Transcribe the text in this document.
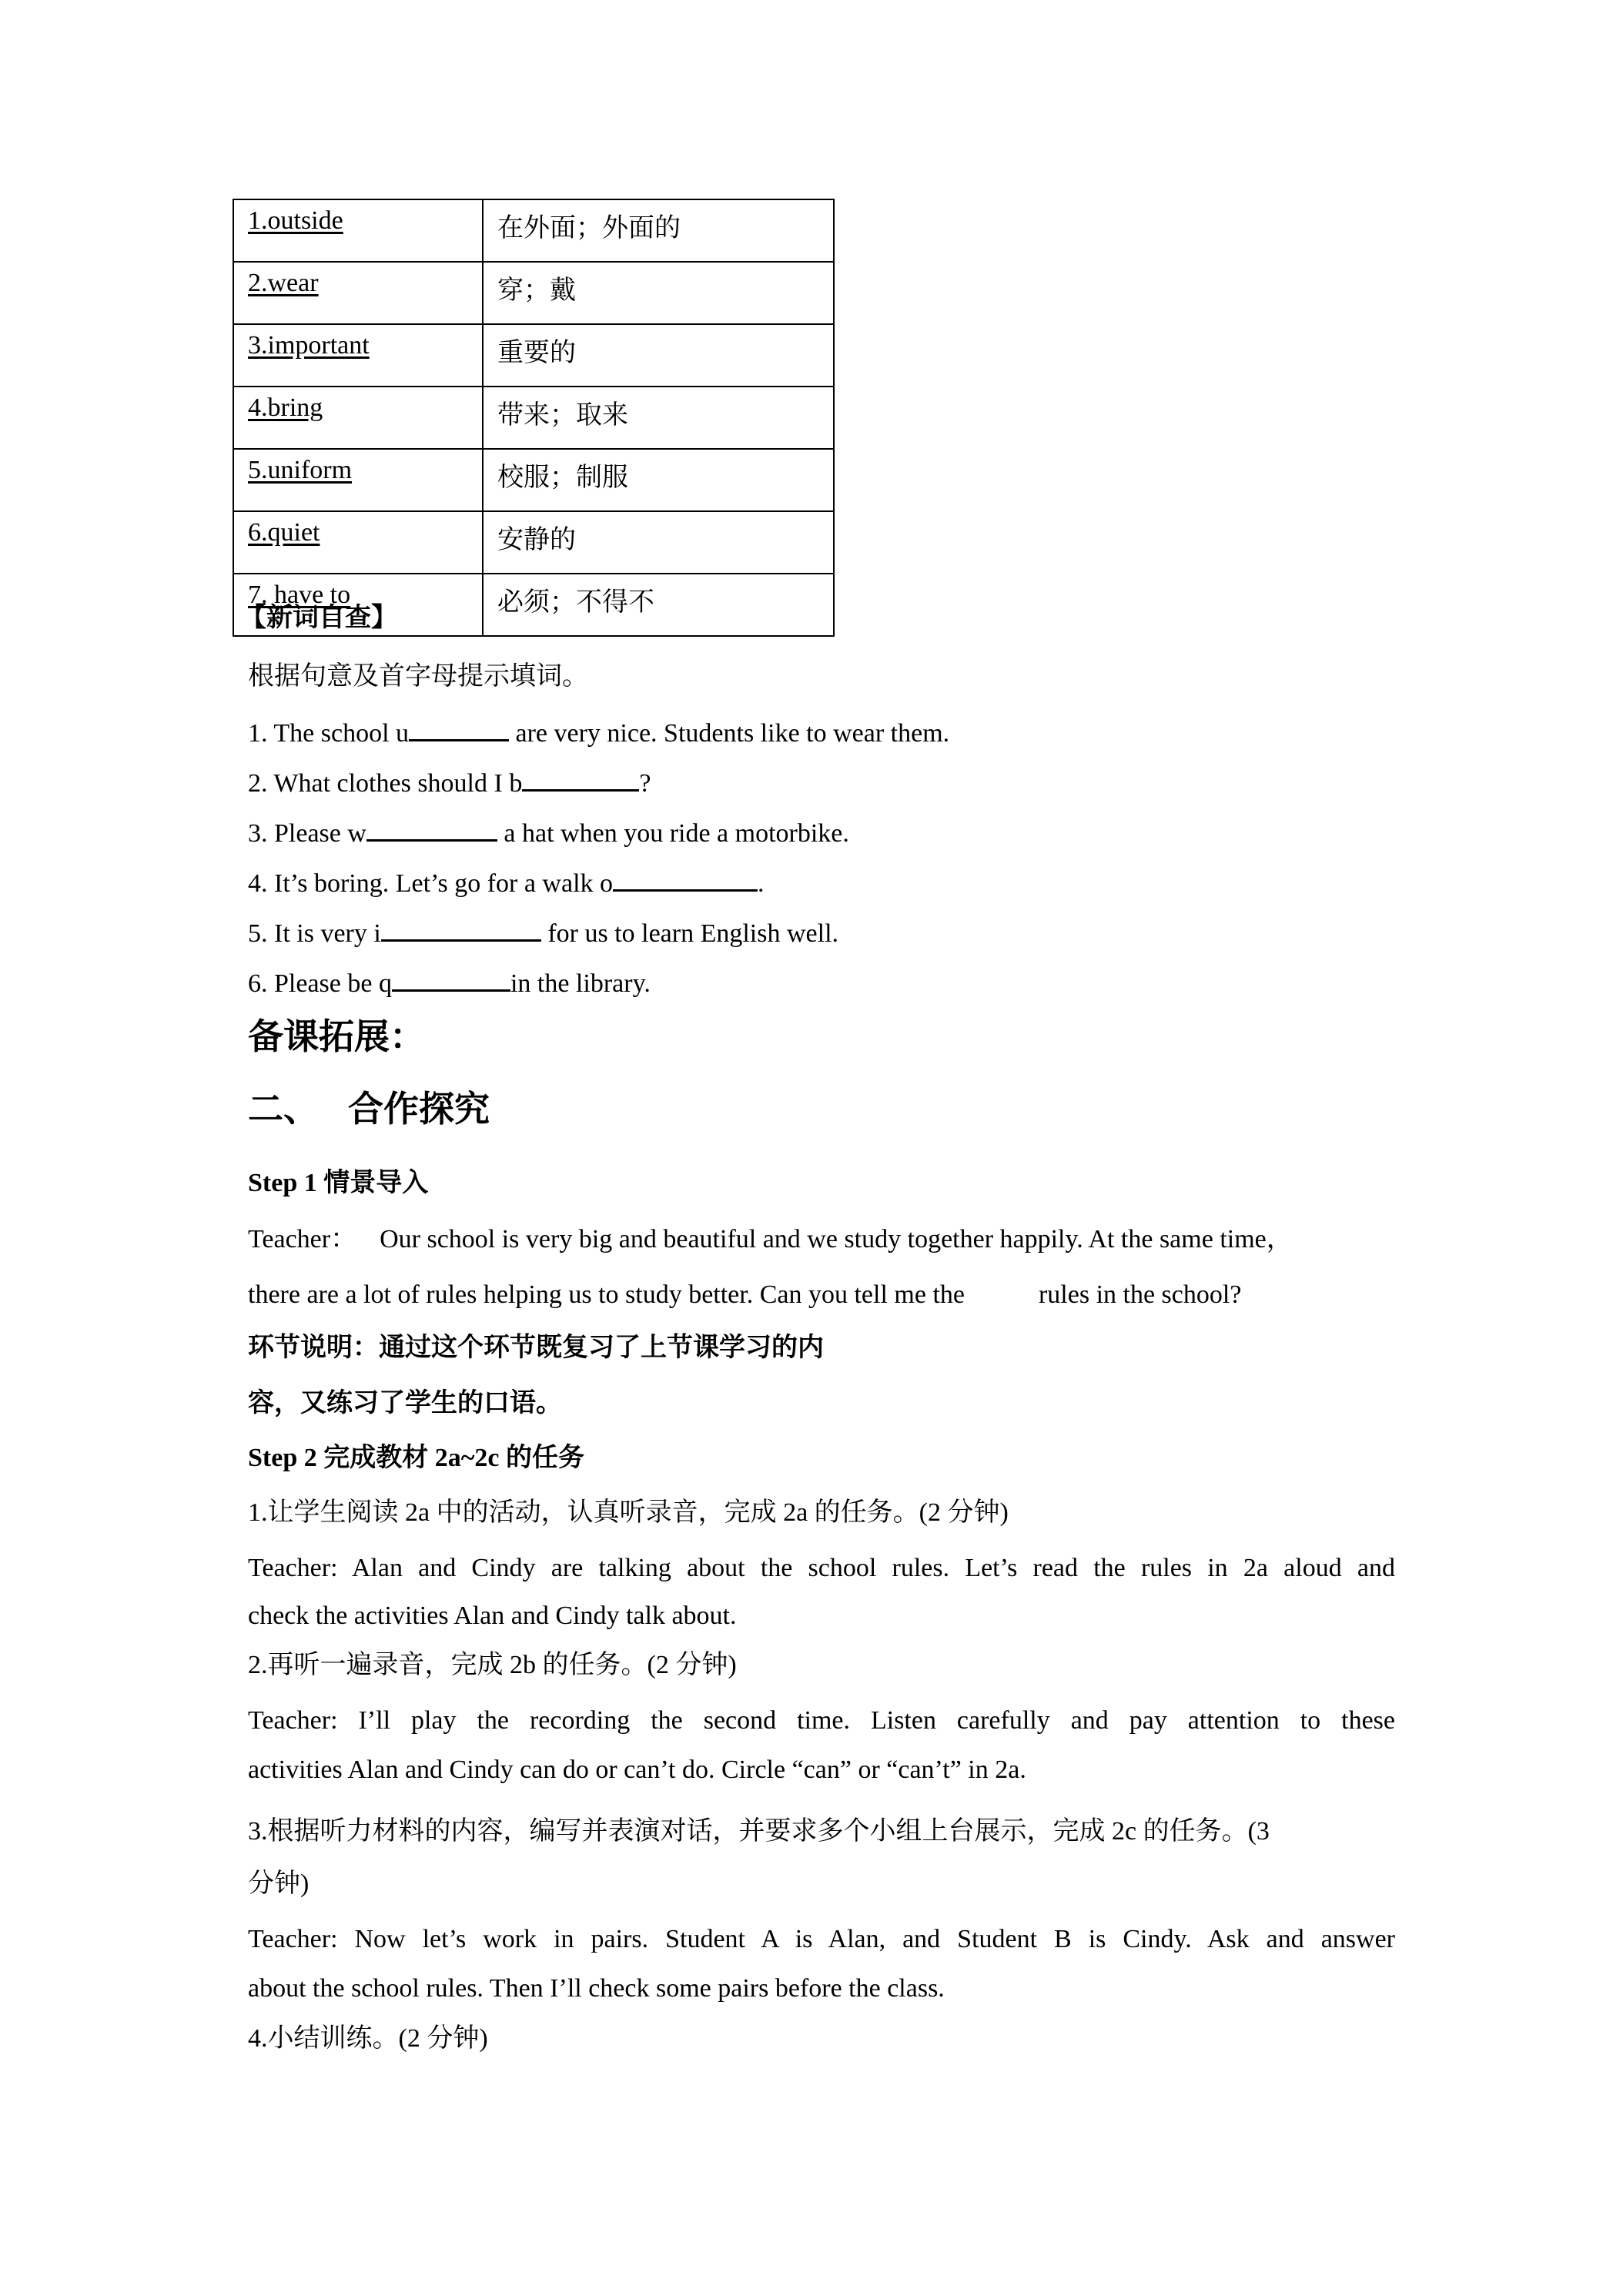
1.outside	在外面；外面的
2.wear	穿；戴
3.important	重要的
4.bring	带来；取来
5.uniform	校服；制服
6.quiet	安静的
7. have to	必须；不得不
【新词自查】
根据句意及首字母提示填词。
1. The school u	are very nice. Students like to wear them.
2. What clothes should I b	?
3. Please w	a hat when you ride a motorbike.
4. It’s boring. Let’s go for a walk o	.
5. It is very i	for us to learn English well.
6. Please be q	in the library.
备课拓展：
二、 合作探究
Step 1 情景导入
Teacher： Our school is very big and beautiful and we study together happily. At the same time，
there are a lot of rules helping us to study better. Can you tell me the	rules in the school?
环节说明：通过这个环节既复习了上节课学习的内
容，又练习了学生的口语。
Step 2 完成教材 2a~2c 的任务
1.让学生阅读 2a 中的活动，认真听录音，完成 2a 的任务。(2 分钟)
Teacher: Alan and Cindy are talking about the school rules. Let’s read the rules in 2a aloud and
check the activities Alan and Cindy talk about.
2.再听一遍录音，完成 2b 的任务。(2 分钟)
Teacher: I’ll play the recording the second time. Listen carefully and pay attention to these
activities Alan and Cindy can do or can’t do. Circle “can” or “can’t” in 2a.
3.根据听力材料的内容，编写并表演对话，并要求多个小组上台展示，完成 2c 的任务。(3
分钟)
Teacher: Now let’s work in pairs. Student A is Alan, and Student B is Cindy. Ask and answer
about the school rules. Then I’ll check some pairs before the class.
4.小结训练。(2 分钟)
